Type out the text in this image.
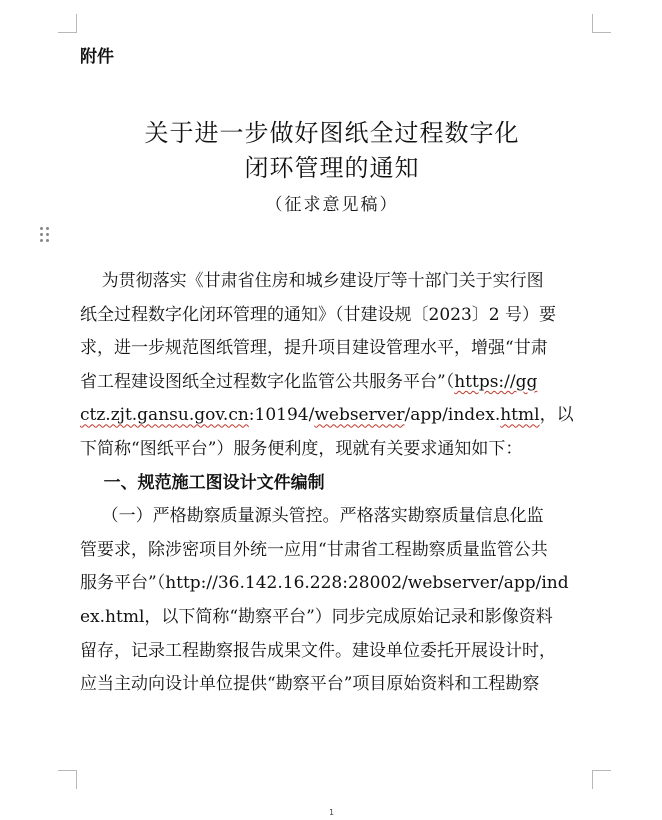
附件
关于进一步做好图纸全过程数字化
闭环管理的通知
（征求意见稿）
为贯彻落实《甘肃省住房和城乡建设厅等十部门关于实行图
纸全过程数字化闭环管理的通知》（甘建设规〔2023〕2 号）要
求，进一步规范图纸管理，提升项目建设管理水平，增强“甘肃
省工程建设图纸全过程数字化监管公共服务平台”（https://gg
ctz.zjt.gansu.gov.cn:10194/webserver/app/index.html，以
下简称“图纸平台”）服务便利度，现就有关要求通知如下：
一、规范施工图设计文件编制
（一）严格勘察质量源头管控。严格落实勘察质量信息化监
管要求，除涉密项目外统一应用“甘肃省工程勘察质量监管公共
服务平台”（http://36.142.16.228:28002/webserver/app/ind
ex.html，以下简称“勘察平台”）同步完成原始记录和影像资料
留存，记录工程勘察报告成果文件。建设单位委托开展设计时，
应当主动向设计单位提供“勘察平台”项目原始资料和工程勘察
1
